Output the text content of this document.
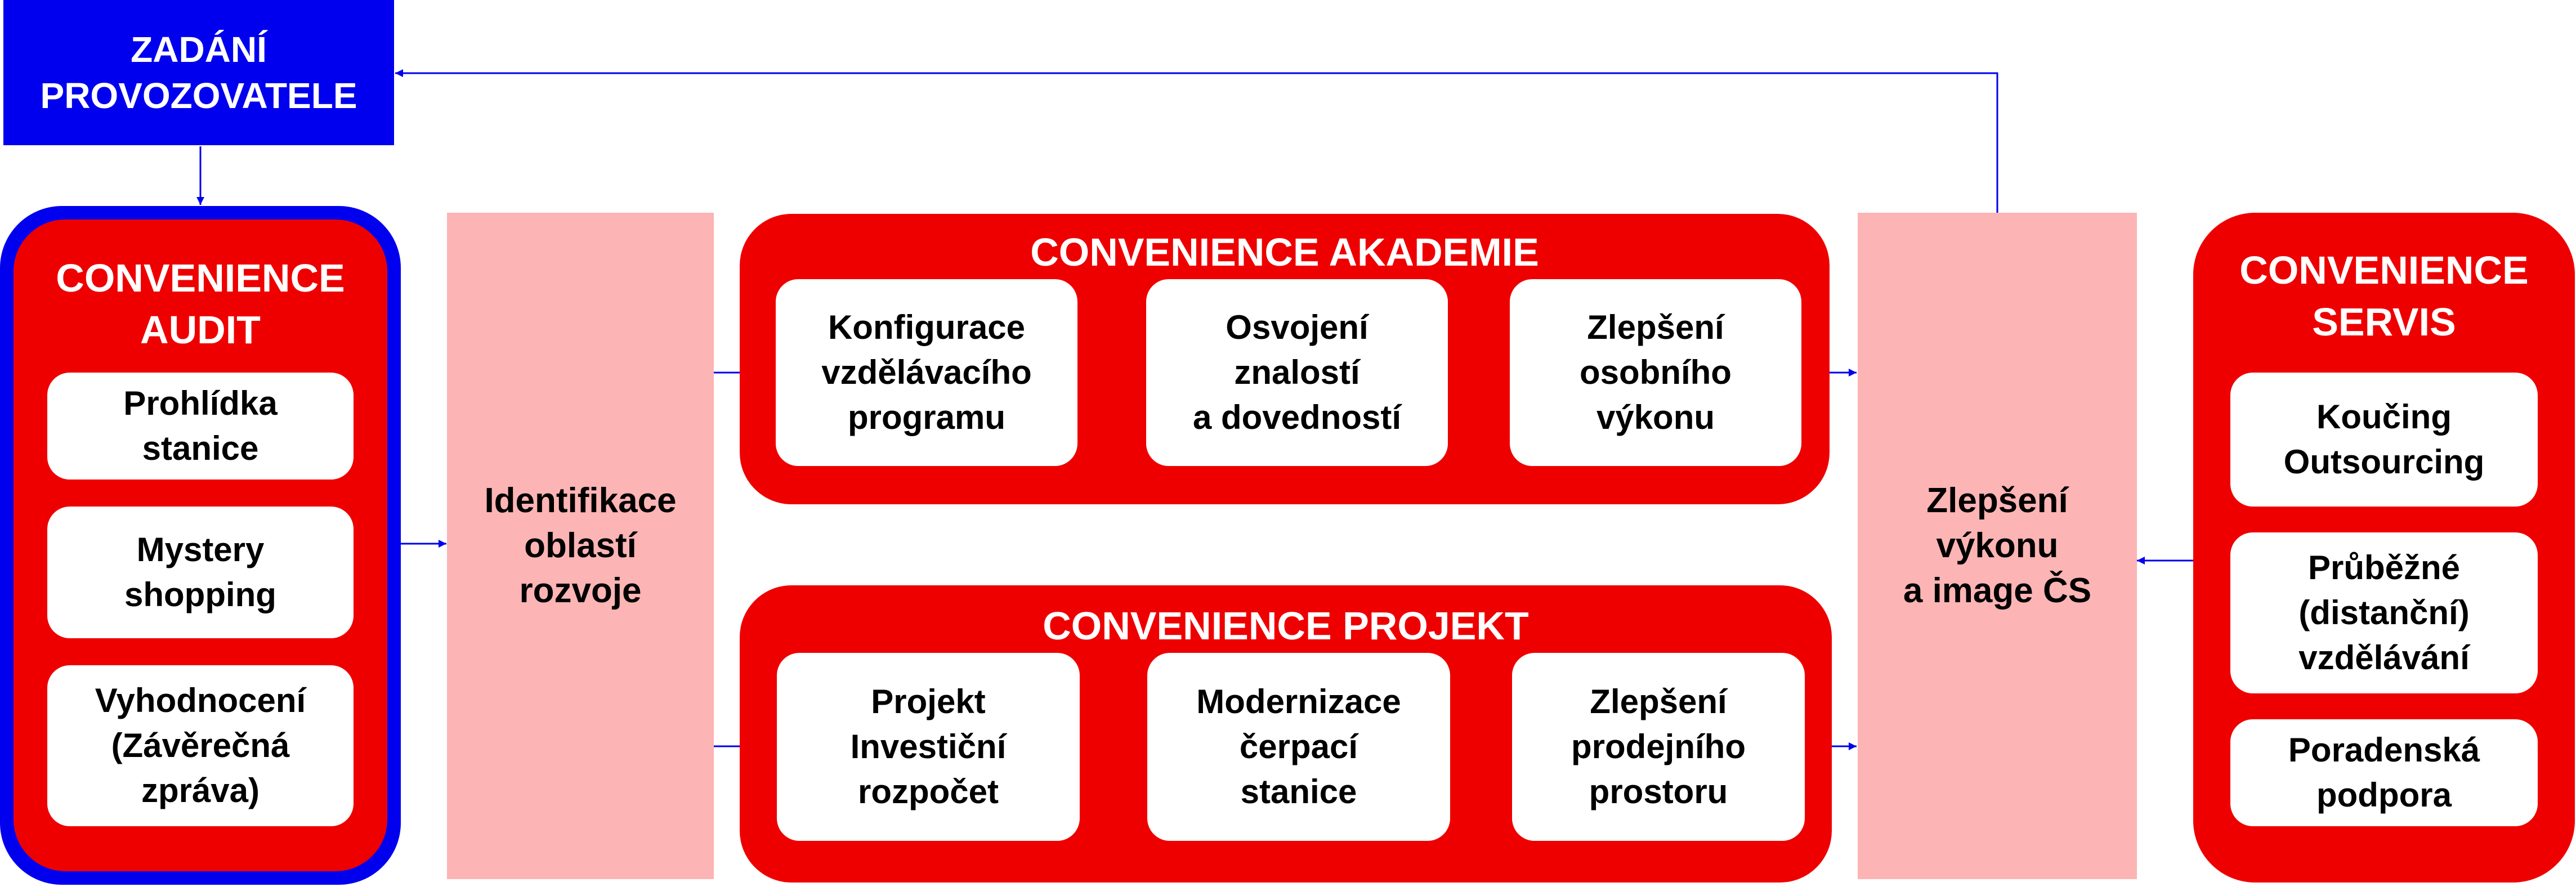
ZADÁNÍ
PROVOZOVATELE
CONVENIENCE
AUDIT
Prohlídka
stanice
Mystery
shopping
Vyhodnocení
(Závěrečná
zpráva)
Identifikace
oblastí
rozvoje
CONVENIENCE AKADEMIE
Konfigurace
vzdělávacího
programu
Osvojení
znalostí
a dovedností
Zlepšení
osobního
výkonu
CONVENIENCE PROJEKT
Projekt
Investiční
rozpočet
Modernizace
čerpací
stanice
Zlepšení
prodejního
prostoru
Zlepšení
výkonu
a image ČS
CONVENIENCE
SERVIS
Koučing
Outsourcing
Průběžné
(distanční)
vzdělávání
Poradenská
podpora
